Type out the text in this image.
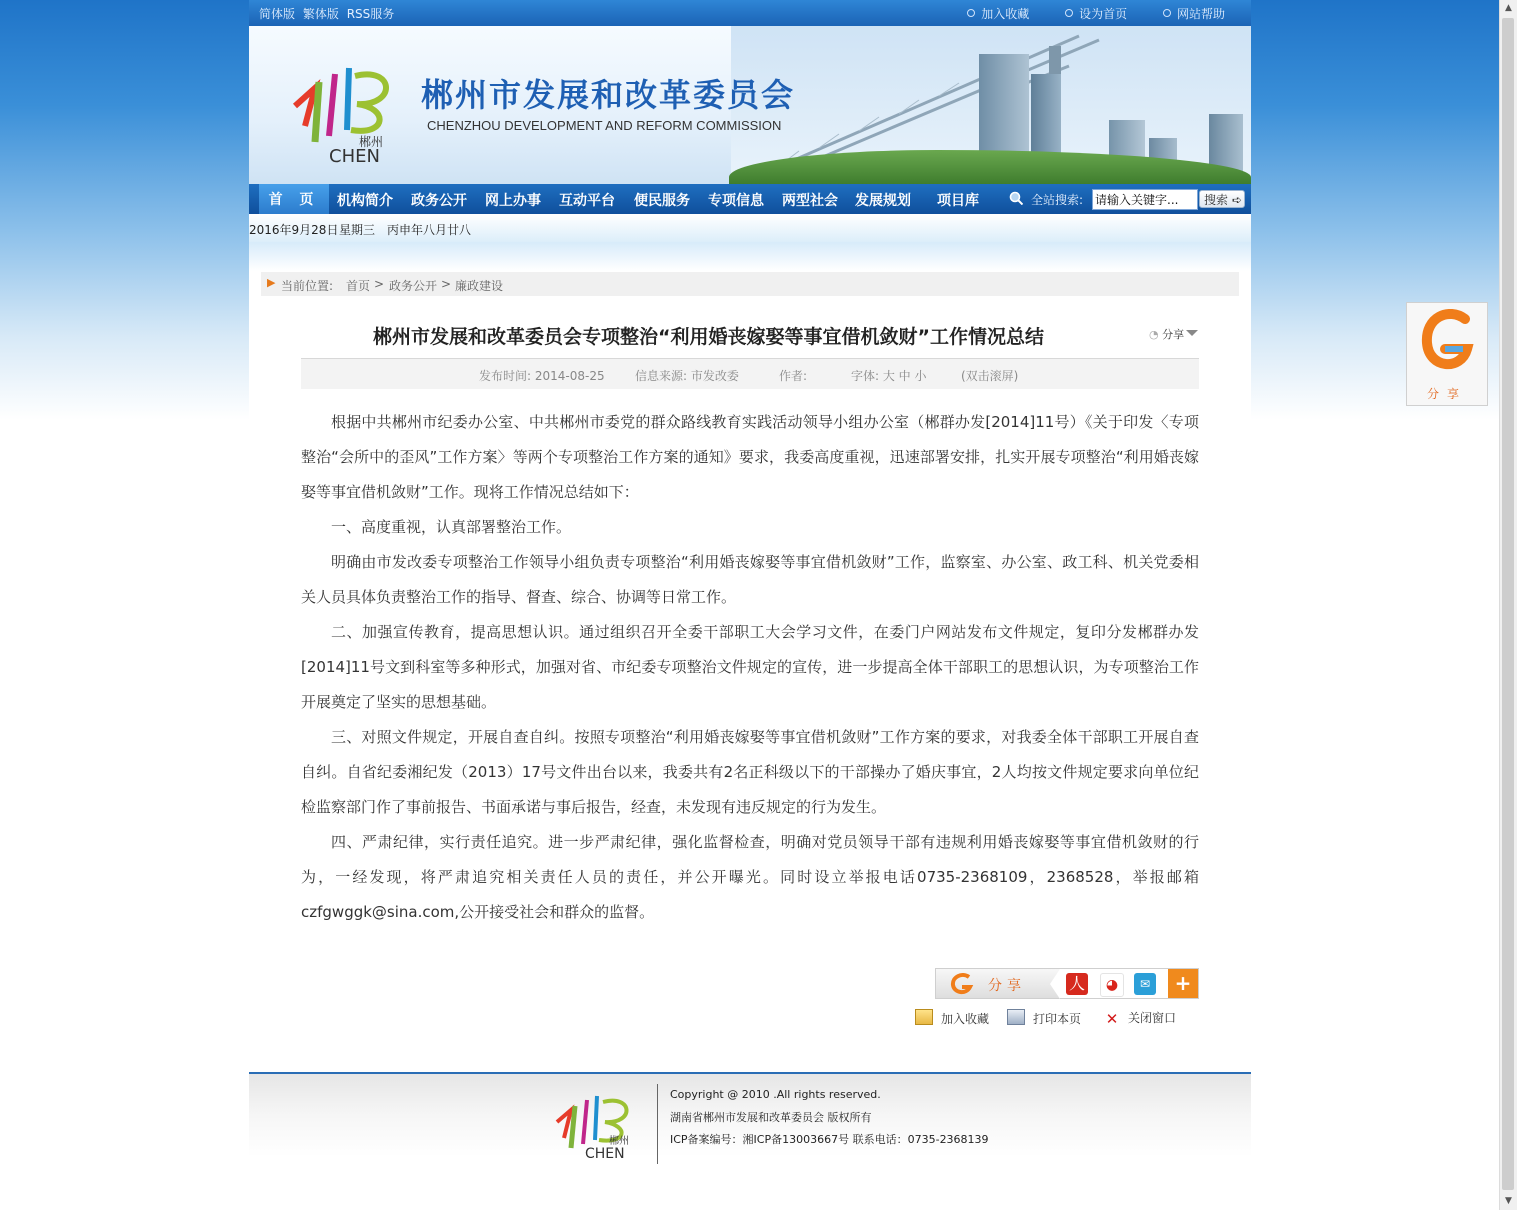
简体版 繁体版 RSS服务	加入收藏	设为首页	网站帮助
郴州
CHEN
郴州市发展和改革委员会
CHENZHOU DEVELOPMENT AND REFORM COMMISSION
首 页	机构简介 政务公开 网上办事 互动平台 便民服务 专项信息 两型社会 发展规划 项目库	全站搜索:
请输入关键字...	搜索 ➪
2016年9月28日 星期三 丙申年八月廿八
▶ 当前位置: 首页 > 政务公开 > 廉政建设
郴州市发展和改革委员会专项整治“利用婚丧嫁娶等事宜借机敛财”工作情况总结	◔ 分享
发布时间: 2014-08-25	信息来源: 市发改委	作者:	字体: 大 中 小	(双击滚屏)

根据中共郴州市纪委办公室、中共郴州市委党的群众路线教育实践活动领导小组办公室（郴群办发[2014]11号）《关于印发〈专项整治“会所中的歪风”工作方案〉等两个专项整治工作方案的通知》要求，我委高度重视，迅速部署安排，扎实开展专项整治“利用婚丧嫁娶等事宜借机敛财”工作。现将工作情况总结如下：

一、高度重视，认真部署整治工作。

明确由市发改委专项整治工作领导小组负责专项整治“利用婚丧嫁娶等事宜借机敛财”工作，监察室、办公室、政工科、机关党委相关人员具体负责整治工作的指导、督查、综合、协调等日常工作。

二、加强宣传教育，提高思想认识。通过组织召开全委干部职工大会学习文件，在委门户网站发布文件规定，复印分发郴群办发[2014]11号文到科室等多种形式，加强对省、市纪委专项整治文件规定的宣传，进一步提高全体干部职工的思想认识，为专项整治工作开展奠定了坚实的思想基础。

三、对照文件规定，开展自查自纠。按照专项整治“利用婚丧嫁娶等事宜借机敛财”工作方案的要求，对我委全体干部职工开展自查自纠。自省纪委湘纪发（2013）17号文件出台以来，我委共有2名正科级以下的干部操办了婚庆事宜，2人均按文件规定要求向单位纪检监察部门作了事前报告、书面承诺与事后报告，经查，未发现有违反规定的行为发生。

四、严肃纪律，实行责任追究。进一步严肃纪律，强化监督检查，明确对党员领导干部有违规利用婚丧嫁娶等事宜借机敛财的行为，一经发现，将严肃追究相关责任人员的责任，并公开曝光。同时设立举报电话0735-2368109，2368528，举报邮箱czfgwggk@sina.com,公开接受社会和群众的监督。

分享	人	◕	✉	+
加入收藏	打印本页 ✕ 关闭窗口
郴州
CHEN
Copyright @ 2010 .All rights reserved.
湖南省郴州市发展和改革委员会 版权所有
ICP备案编号：湘ICP备13003667号 联系电话：0735-2368139
分享
▲
▼
